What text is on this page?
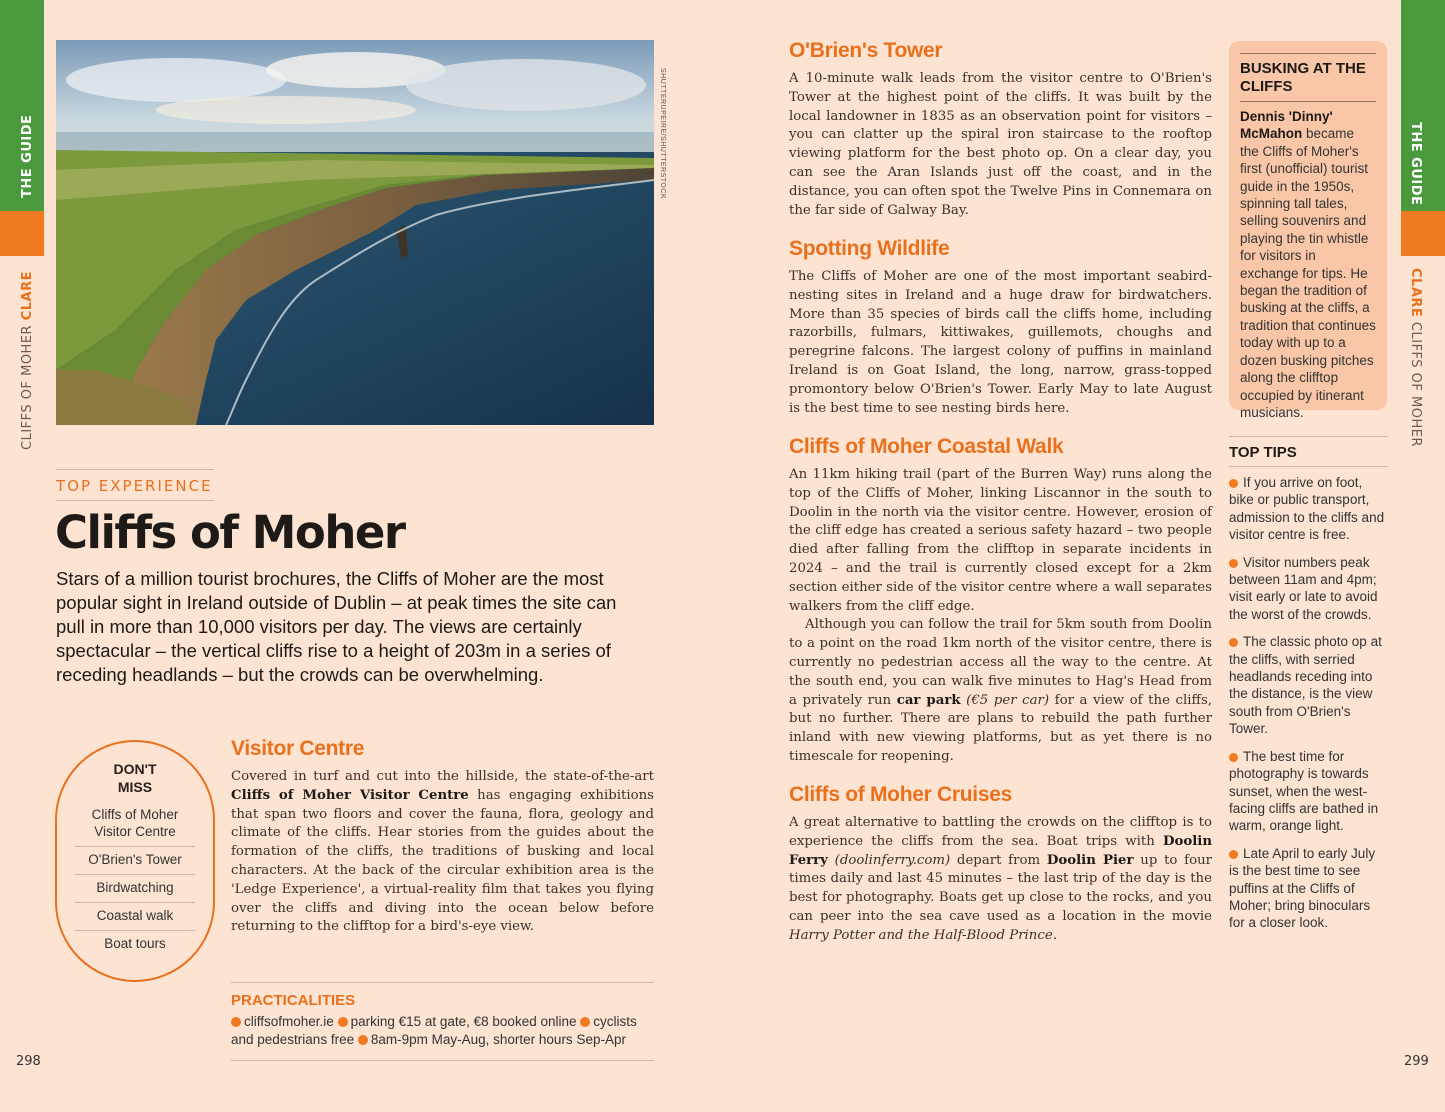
THE GUIDE
CLIFFS OF MOHER CLARE
THE GUIDE
CLARE CLIFFS OF MOHER
SHUTTERUPEIRE/SHUTTERSTOCK
TOP EXPERIENCE
Cliffs of Moher

Stars of a million tourist brochures, the Cliffs of Moher are the most popular sight in Ireland outside of Dublin – at peak times the site can pull in more than 10,000 visitors per day. The views are certainly spectacular – the vertical cliffs rise to a height of 203m in a series of receding headlands – but the crowds can be overwhelming.

DON'T
MISS
Cliffs of Moher Visitor Centre
O'Brien's Tower
Birdwatching
Coastal walk
Boat tours
Visitor Centre

Covered in turf and cut into the hillside, the state-of-the-art Cliffs of Moher Visitor Centre has engaging exhibitions that span two floors and cover the fauna, flora, geology and climate of the cliffs. Hear stories from the guides about the formation of the cliffs, the traditions of busking and local characters. At the back of the circular exhibition area is the 'Ledge Experience', a virtual-reality film that takes you flying over the cliffs and diving into the ocean below before returning to the clifftop for a bird's-eye view.

PRACTICALITIES
cliffsofmoher.ie parking €15 at gate, €8 booked online cyclists and pedestrians free 8am-9pm May-Aug, shorter hours Sep-Apr
O'Brien's Tower

A 10-minute walk leads from the visitor centre to O'Brien's Tower at the highest point of the cliffs. It was built by the local landowner in 1835 as an observation point for visitors – you can clatter up the spiral iron staircase to the rooftop viewing platform for the best photo op. On a clear day, you can see the Aran Islands just off the coast, and in the distance, you can often spot the Twelve Pins in Connemara on the far side of Galway Bay.

Spotting Wildlife

The Cliffs of Moher are one of the most important seabird-nesting sites in Ireland and a huge draw for birdwatchers. More than 35 species of birds call the cliffs home, including razorbills, fulmars, kittiwakes, guillemots, choughs and peregrine falcons. The largest colony of puffins in mainland Ireland is on Goat Island, the long, narrow, grass-topped promontory below O'Brien's Tower. Early May to late August is the best time to see nesting birds here.

Cliffs of Moher Coastal Walk

An 11km hiking trail (part of the Burren Way) runs along the top of the Cliffs of Moher, linking Liscannor in the south to Doolin in the north via the visitor centre. However, erosion of the cliff edge has created a serious safety hazard – two people died after falling from the clifftop in separate incidents in 2024 – and the trail is currently closed except for a 2km section either side of the visitor centre where a wall separates walkers from the cliff edge.

Although you can follow the trail for 5km south from Doolin to a point on the road 1km north of the visitor centre, there is currently no pedestrian access all the way to the centre. At the south end, you can walk five minutes to Hag's Head from a privately run car park (€5 per car) for a view of the cliffs, but no further. There are plans to rebuild the path further inland with new viewing platforms, but as yet there is no timescale for reopening.

Cliffs of Moher Cruises

A great alternative to battling the crowds on the clifftop is to experience the cliffs from the sea. Boat trips with Doolin Ferry (doolinferry.com) depart from Doolin Pier up to four times daily and last 45 minutes – the last trip of the day is the best for photography. Boats get up close to the rocks, and you can peer into the sea cave used as a location in the movie Harry Potter and the Half-Blood Prince.

BUSKING AT THE CLIFFS
Dennis 'Dinny' McMahon became the Cliffs of Moher's first (unofficial) tourist guide in the 1950s, spinning tall tales, selling souvenirs and playing the tin whistle for visitors in exchange for tips. He began the tradition of busking at the cliffs, a tradition that continues today with up to a dozen busking pitches along the clifftop occupied by itinerant musicians.
TOP TIPS
If you arrive on foot, bike or public transport, admission to the cliffs and visitor centre is free.
Visitor numbers peak between 11am and 4pm; visit early or late to avoid the worst of the crowds.
The classic photo op at the cliffs, with serried headlands receding into the distance, is the view south from O'Brien's Tower.
The best time for photography is towards sunset, when the west-facing cliffs are bathed in warm, orange light.
Late April to early July is the best time to see puffins at the Cliffs of Moher; bring binoculars for a closer look.
298	299
